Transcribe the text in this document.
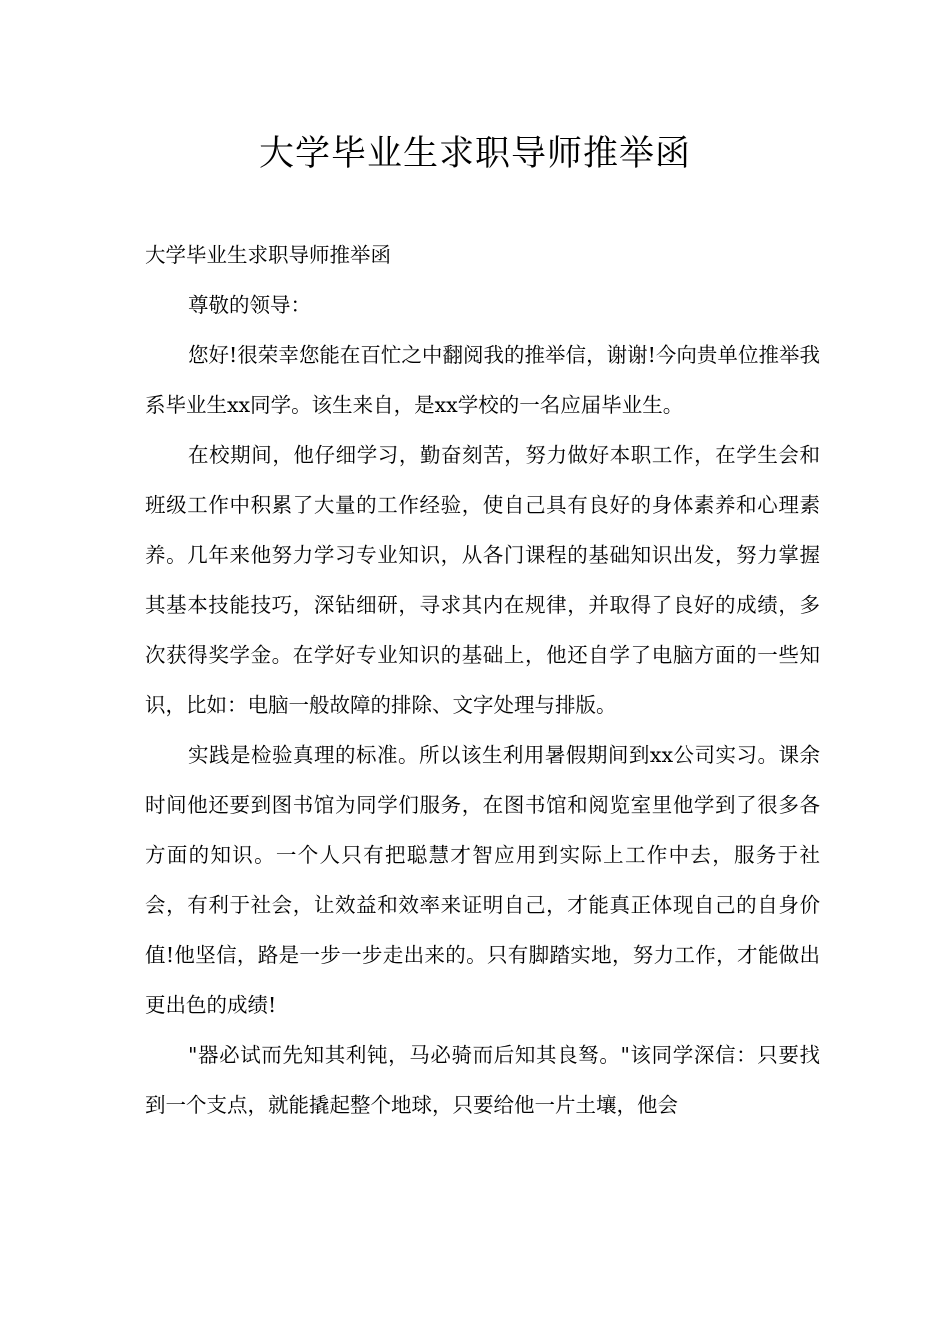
大学毕业生求职导师推举函

大学毕业生求职导师推举函

尊敬的领导：

您好!很荣幸您能在百忙之中翻阅我的推举信，谢谢!今向贵单位推举我系毕业生xx同学。该生来自，是xx学校的一名应届毕业生。

在校期间，他仔细学习，勤奋刻苦，努力做好本职工作，在学生会和班级工作中积累了大量的工作经验，使自己具有良好的身体素养和心理素养。几年来他努力学习专业知识，从各门课程的基础知识出发，努力掌握其基本技能技巧，深钻细研，寻求其内在规律，并取得了良好的成绩，多次获得奖学金。在学好专业知识的基础上，他还自学了电脑方面的一些知识，比如：电脑一般故障的排除、文字处理与排版。

实践是检验真理的标准。所以该生利用暑假期间到xx公司实习。课余时间他还要到图书馆为同学们服务，在图书馆和阅览室里他学到了很多各方面的知识。一个人只有把聪慧才智应用到实际上工作中去，服务于社会，有利于社会，让效益和效率来证明自己，才能真正体现自己的自身价值!他坚信，路是一步一步走出来的。只有脚踏实地，努力工作，才能做出更出色的成绩!

"器必试而先知其利钝，马必骑而后知其良驽。"该同学深信：只要找到一个支点，就能撬起整个地球，只要给他一片土壤，他会
